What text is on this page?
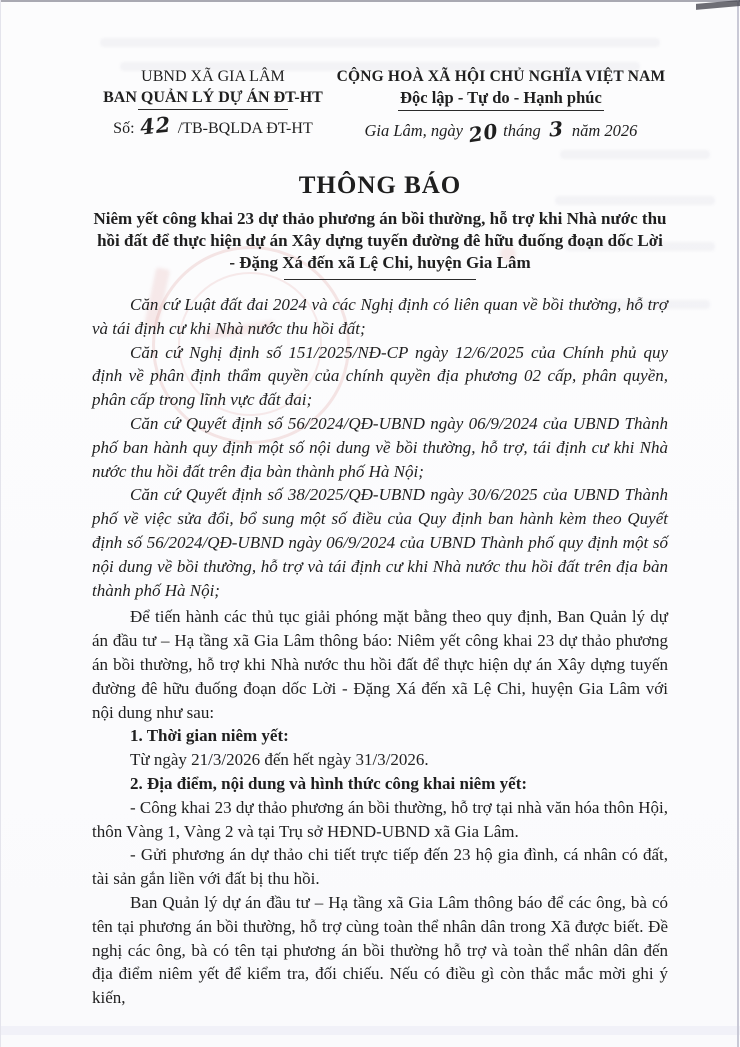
UBND XÃ GIA LÂM
BAN QUẢN LÝ DỰ ÁN ĐT-HT
Số: 42 /TB-BQLDA ĐT-HT
CỘNG HOÀ XÃ HỘI CHỦ NGHĨA VIỆT NAM
Độc lập - Tự do - Hạnh phúc
Gia Lâm, ngày 20 tháng 3 năm 2026
THÔNG BÁO
Niêm yết công khai 23 dự thảo phương án bồi thường, hỗ trợ khi Nhà nước thu
hồi đất để thực hiện dự án Xây dựng tuyến đường đê hữu đuống đoạn dốc Lời
- Đặng Xá đến xã Lệ Chi, huyện Gia Lâm

Căn cứ Luật đất đai 2024 và các Nghị định có liên quan về bồi thường, hỗ trợ và tái định cư khi Nhà nước thu hồi đất;

Căn cứ Nghị định số 151/2025/NĐ-CP ngày 12/6/2025 của Chính phủ quy định về phân định thẩm quyền của chính quyền địa phương 02 cấp, phân quyền, phân cấp trong lĩnh vực đất đai;

Căn cứ Quyết định số 56/2024/QĐ-UBND ngày 06/9/2024 của UBND Thành phố ban hành quy định một số nội dung về bồi thường, hỗ trợ, tái định cư khi Nhà nước thu hồi đất trên địa bàn thành phố Hà Nội;

Căn cứ Quyết định số 38/2025/QĐ-UBND ngày 30/6/2025 của UBND Thành phố về việc sửa đổi, bổ sung một số điều của Quy định ban hành kèm theo Quyết định số 56/2024/QĐ-UBND ngày 06/9/2024 của UBND Thành phố quy định một số nội dung về bồi thường, hỗ trợ và tái định cư khi Nhà nước thu hồi đất trên địa bàn thành phố Hà Nội;

Để tiến hành các thủ tục giải phóng mặt bằng theo quy định, Ban Quản lý dự án đầu tư – Hạ tầng xã Gia Lâm thông báo: Niêm yết công khai 23 dự thảo phương án bồi thường, hỗ trợ khi Nhà nước thu hồi đất để thực hiện dự án Xây dựng tuyến đường đê hữu đuống đoạn dốc Lời - Đặng Xá đến xã Lệ Chi, huyện Gia Lâm với nội dung như sau:

1. Thời gian niêm yết:

Từ ngày 21/3/2026 đến hết ngày 31/3/2026.

2. Địa điểm, nội dung và hình thức công khai niêm yết:

- Công khai 23 dự thảo phương án bồi thường, hỗ trợ tại nhà văn hóa thôn Hội, thôn Vàng 1, Vàng 2 và tại Trụ sở HĐND-UBND xã Gia Lâm.

- Gửi phương án dự thảo chi tiết trực tiếp đến 23 hộ gia đình, cá nhân có đất, tài sản gắn liền với đất bị thu hồi.

Ban Quản lý dự án đầu tư – Hạ tầng xã Gia Lâm thông báo để các ông, bà có tên tại phương án bồi thường, hỗ trợ cùng toàn thể nhân dân trong Xã được biết. Đề nghị các ông, bà có tên tại phương án bồi thường hỗ trợ và toàn thể nhân dân đến địa điểm niêm yết để kiểm tra, đối chiếu. Nếu có điều gì còn thắc mắc mời ghi ý kiến,
